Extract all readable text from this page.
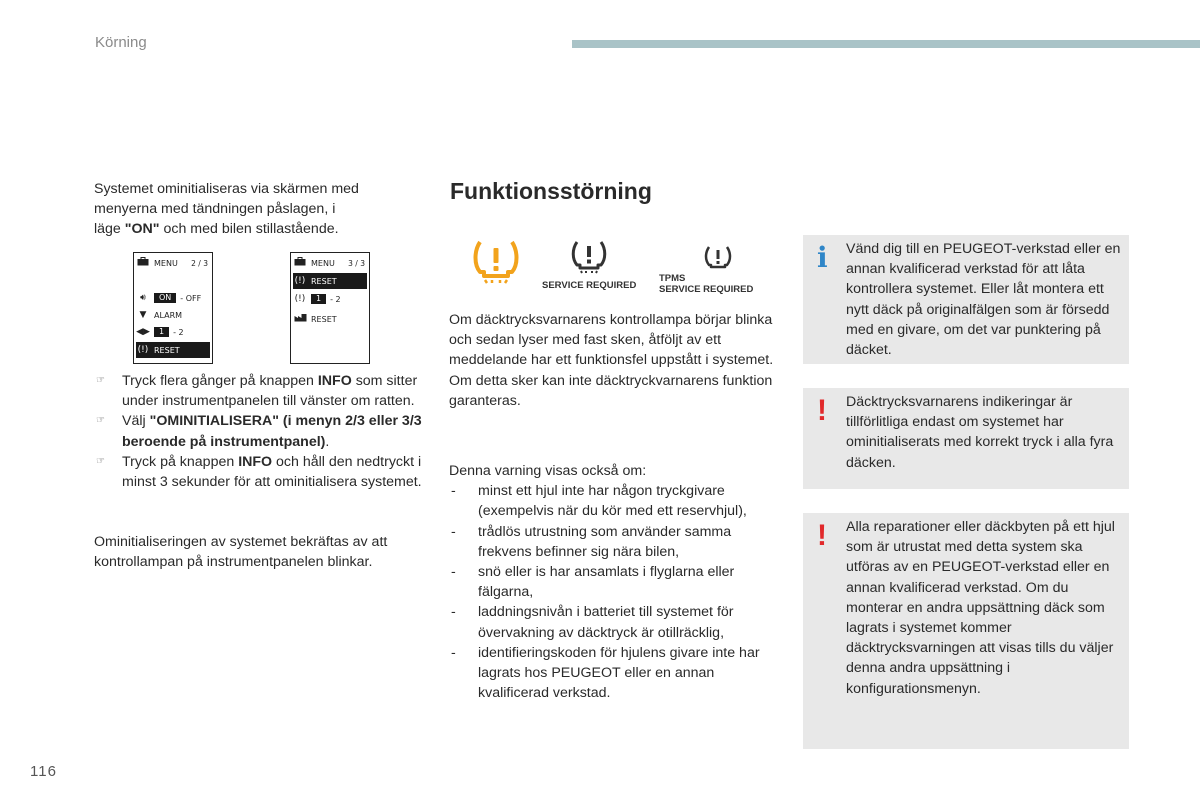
Körning
116
Systemet ominitialiseras via skärmen med
menyerna med tändningen påslagen, i
läge "ON" och med bilen stillastående.
MENU 2 / 3
🔊︎	ON	- OFF
▼ ALARM
◀▶	1	- 2
(!) RESET
MENU 3 / 3
(!) RESET
(!)	1	- 2
RESET
☞	Tryck flera gånger på knappen INFO som sitter under instrumentpanelen till vänster om ratten.
☞	Välj "OMINITIALISERA" (i menyn 2/3 eller 3/3 beroende på instrumentpanel).
☞	Tryck på knappen INFO och håll den nedtryckt i minst 3 sekunder för att ominitialisera systemet.
Ominitialiseringen av systemet bekräftas av att kontrollampan på instrumentpanelen blinkar.
Funktionsstörning
SERVICE REQUIRED
TPMS
SERVICE REQUIRED
Om däcktrycksvarnarens kontrollampa börjar blinka och sedan lyser med fast sken, åtföljt av ett meddelande har ett funktionsfel uppstått i systemet.
Om detta sker kan inte däcktryckvarnarens funktion garanteras.
Denna varning visas också om:
-	minst ett hjul inte har någon tryckgivare (exempelvis när du kör med ett reservhjul),
-	trådlös utrustning som använder samma frekvens befinner sig nära bilen,
-	snö eller is har ansamlats i flyglarna eller fälgarna,
-	laddningsnivån i batteriet till systemet för övervakning av däcktryck är otillräcklig,
-	identifieringskoden för hjulens givare inte har lagrats hos PEUGEOT eller en annan kvalificerad verkstad.
i Vänd dig till en PEUGEOT-verkstad eller en annan kvalificerad verkstad för att låta kontrollera systemet. Eller låt montera ett nytt däck på originalfälgen som är försedd med en givare, om det var punktering på däcket.
! Däcktrycksvarnarens indikeringar är tillförlitliga endast om systemet har ominitialiserats med korrekt tryck i alla fyra däcken.
! Alla reparationer eller däckbyten på ett hjul som är utrustat med detta system ska utföras av en PEUGEOT-verkstad eller en annan kvalificerad verkstad. Om du monterar en andra uppsättning däck som lagrats i systemet kommer däcktrycksvarningen att visas tills du väljer denna andra uppsättning i konfigurationsmenyn.
